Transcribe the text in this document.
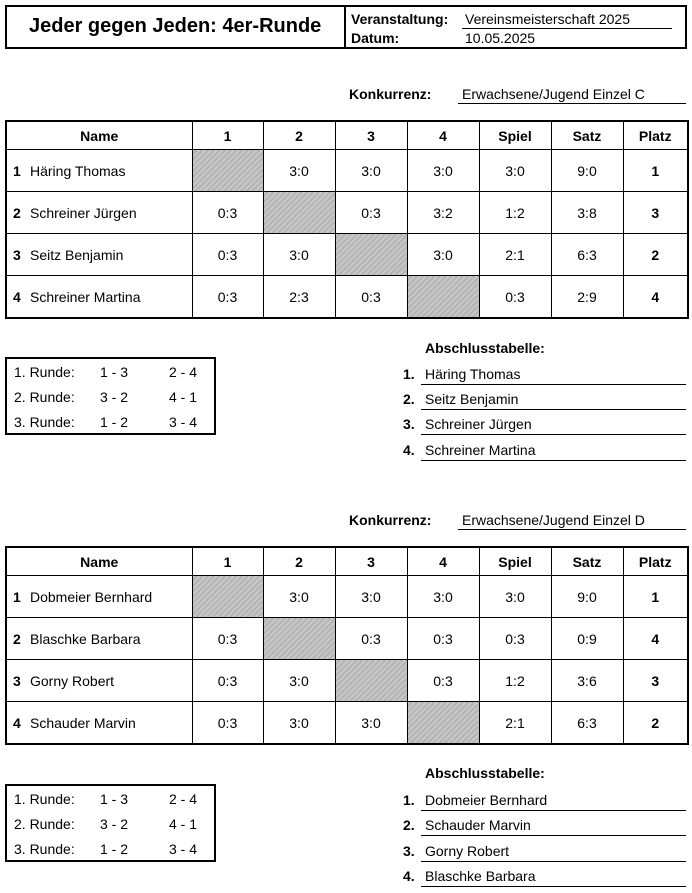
Jeder gegen Jeden: 4er-Runde Veranstaltung: Vereinsmeisterschaft 2025
Datum:	10.05.2025
Konkurrenz: Erwachsene/Jugend Einzel C
Name	1	2	3	4	Spiel	Satz	Platz
1 Häring Thomas		3:0	3:0	3:0	3:0	9:0	1
2 Schreiner Jürgen	0:3		0:3	3:2	1:2	3:8	3
3 Seitz Benjamin	0:3	3:0		3:0	2:1	6:3	2
4 Schreiner Martina	0:3	2:3	0:3		0:3	2:9	4
1. Runde: 1 - 3	2 - 4
2. Runde: 3 - 2	4 - 1
3. Runde: 1 - 2	3 - 4
Abschlusstabelle:
1. Häring Thomas
2. Seitz Benjamin
3. Schreiner Jürgen
4. Schreiner Martina
Konkurrenz: Erwachsene/Jugend Einzel D
Name	1	2	3	4	Spiel	Satz	Platz
1 Dobmeier Bernhard		3:0	3:0	3:0	3:0	9:0	1
2 Blaschke Barbara	0:3		0:3	0:3	0:3	0:9	4
3 Gorny Robert	0:3	3:0		0:3	1:2	3:6	3
4 Schauder Marvin	0:3	3:0	3:0		2:1	6:3	2
1. Runde: 1 - 3	2 - 4
2. Runde: 3 - 2	4 - 1
3. Runde: 1 - 2	3 - 4
Abschlusstabelle:
1. Dobmeier Bernhard
2. Schauder Marvin
3. Gorny Robert
4. Blaschke Barbara
